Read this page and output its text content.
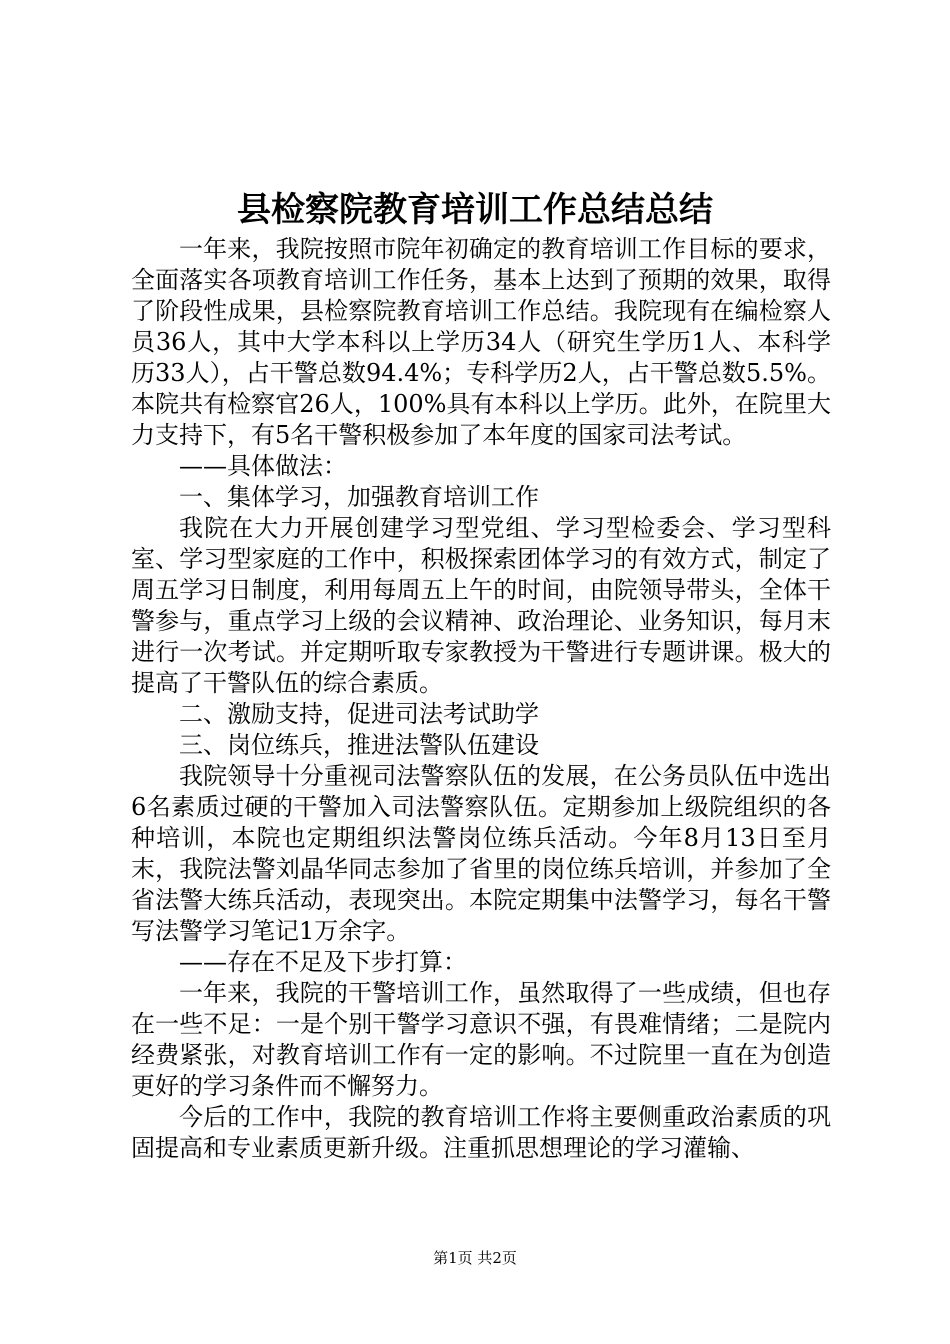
县检察院教育培训工作总结总结

一年来，我院按照市院年初确定的教育培训工作目标的要求，全面落实各项教育培训工作任务，基本上达到了预期的效果，取得了阶段性成果，县检察院教育培训工作总结。我院现有在编检察人员36人，其中大学本科以上学历34人（研究生学历1人、本科学历33人），占干警总数94.4%；专科学历2人，占干警总数5.5%。本院共有检察官26人，100%具有本科以上学历。此外，在院里大力支持下，有5名干警积极参加了本年度的国家司法考试。

——具体做法：

一、集体学习，加强教育培训工作

我院在大力开展创建学习型党组、学习型检委会、学习型科室、学习型家庭的工作中，积极探索团体学习的有效方式，制定了周五学习日制度，利用每周五上午的时间，由院领导带头，全体干警参与，重点学习上级的会议精神、政治理论、业务知识，每月末进行一次考试。并定期听取专家教授为干警进行专题讲课。极大的提高了干警队伍的综合素质。

二、激励支持，促进司法考试助学

三、岗位练兵，推进法警队伍建设

我院领导十分重视司法警察队伍的发展，在公务员队伍中选出6名素质过硬的干警加入司法警察队伍。定期参加上级院组织的各种培训，本院也定期组织法警岗位练兵活动。今年8月13日至月末，我院法警刘晶华同志参加了省里的岗位练兵培训，并参加了全省法警大练兵活动，表现突出。本院定期集中法警学习，每名干警写法警学习笔记1万余字。

——存在不足及下步打算：

一年来，我院的干警培训工作，虽然取得了一些成绩，但也存在一些不足：一是个别干警学习意识不强，有畏难情绪；二是院内经费紧张，对教育培训工作有一定的影响。不过院里一直在为创造更好的学习条件而不懈努力。

今后的工作中，我院的教育培训工作将主要侧重政治素质的巩固提高和专业素质更新升级。注重抓思想理论的学习灌输、

第1页 共2页
